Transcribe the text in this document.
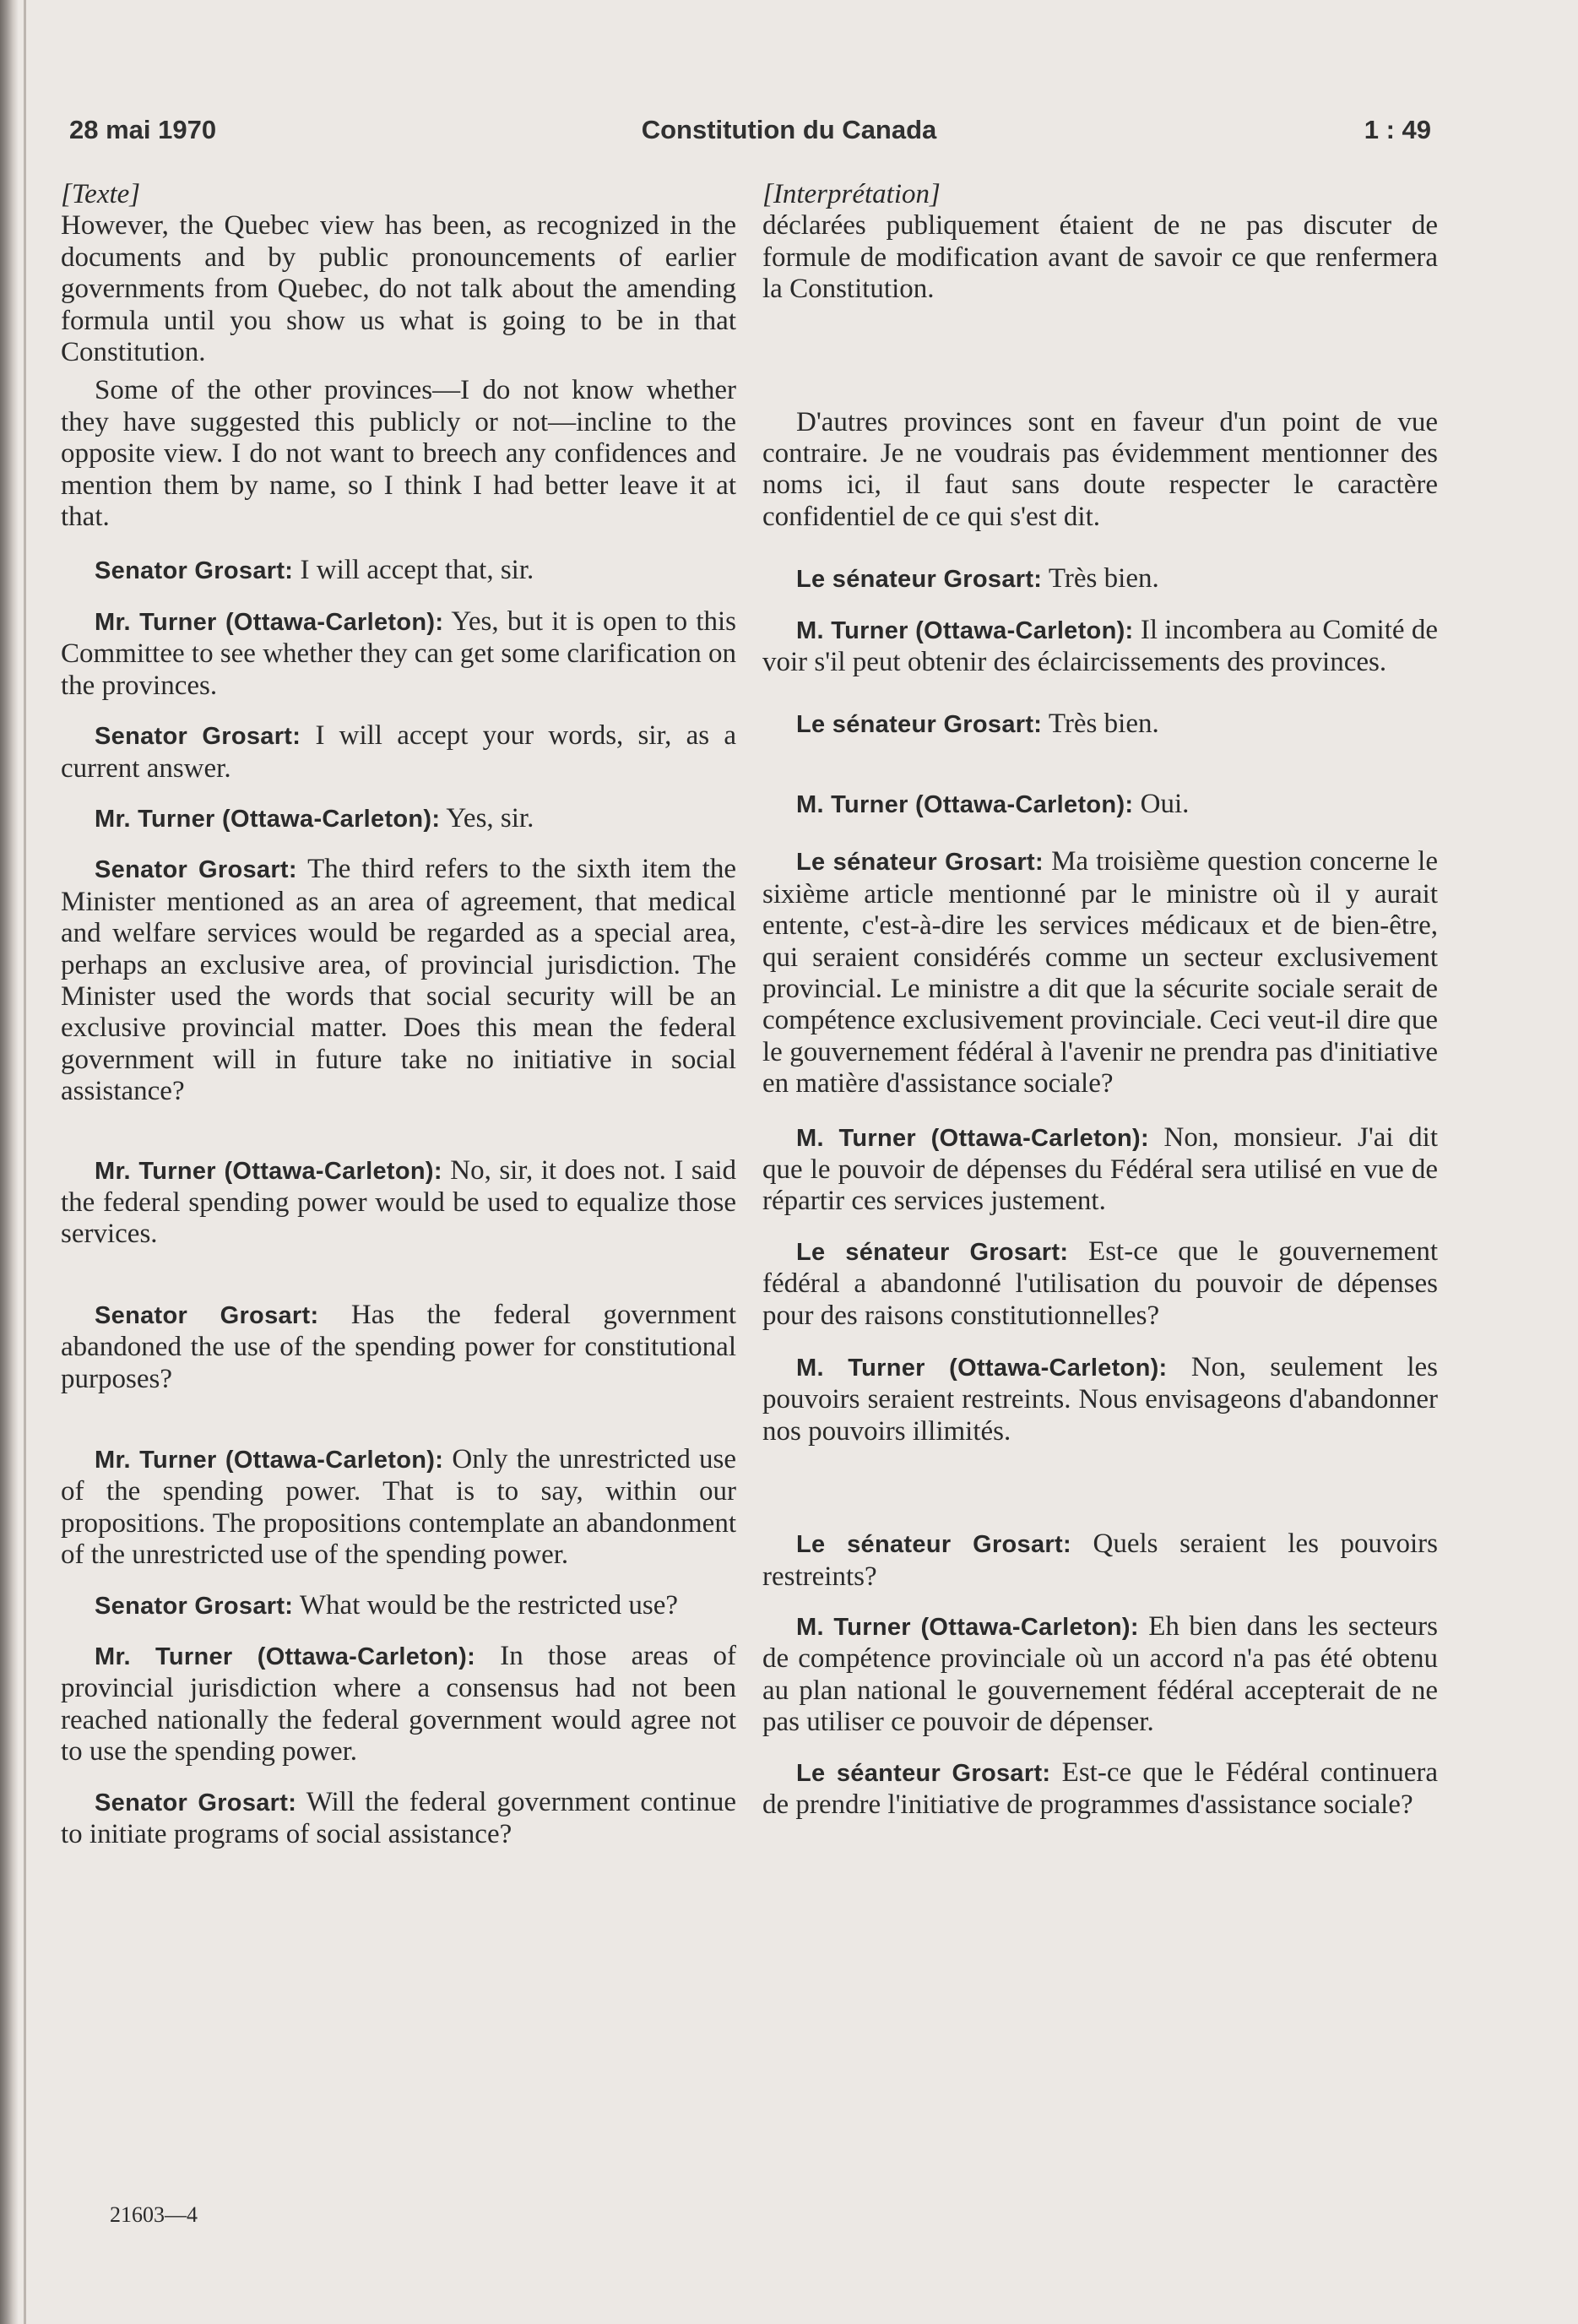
28 mai 1970	Constitution du Canada	1 : 49

[Texte]

However, the Quebec view has been, as recognized in the documents and by public pronouncements of earlier governments from Quebec, do not talk about the amending formula until you show us what is going to be in that Constitution.

Some of the other provinces—I do not know whether they have suggested this publicly or not—incline to the opposite view. I do not want to breech any confidences and mention them by name, so I think I had better leave it at that.

Senator Grosart: I will accept that, sir.

Mr. Turner (Ottawa-Carleton): Yes, but it is open to this Committee to see whether they can get some clarification on the provinces.

Senator Grosart: I will accept your words, sir, as a current answer.

Mr. Turner (Ottawa-Carleton): Yes, sir.

Senator Grosart: The third refers to the sixth item the Minister mentioned as an area of agreement, that medical and welfare services would be regarded as a special area, perhaps an exclusive area, of provincial jurisdiction. The Minister used the words that social security will be an exclusive provincial matter. Does this mean the federal government will in future take no initiative in social assistance?

Mr. Turner (Ottawa-Carleton): No, sir, it does not. I said the federal spending power would be used to equalize those services.

Senator Grosart: Has the federal government abandoned the use of the spending power for constitutional purposes?

Mr. Turner (Ottawa-Carleton): Only the unrestricted use of the spending power. That is to say, within our propositions. The propositions contemplate an abandonment of the unrestricted use of the spending power.

Senator Grosart: What would be the restricted use?

Mr. Turner (Ottawa-Carleton): In those areas of provincial jurisdiction where a consensus had not been reached nationally the federal government would agree not to use the spending power.

Senator Grosart: Will the federal government continue to initiate programs of social assistance?

[Interprétation]

déclarées publiquement étaient de ne pas discuter de formule de modification avant de savoir ce que renfermera la Constitution.

D'autres provinces sont en faveur d'un point de vue contraire. Je ne voudrais pas évidemment mentionner des noms ici, il faut sans doute respecter le caractère confidentiel de ce qui s'est dit.

Le sénateur Grosart: Très bien.

M. Turner (Ottawa-Carleton): Il incombera au Comité de voir s'il peut obtenir des éclaircissements des provinces.

Le sénateur Grosart: Très bien.

M. Turner (Ottawa-Carleton): Oui.

Le sénateur Grosart: Ma troisième question concerne le sixième article mentionné par le ministre où il y aurait entente, c'est-à-dire les services médicaux et de bien-être, qui seraient considérés comme un secteur exclusivement provincial. Le ministre a dit que la sécurite sociale serait de compétence exclusivement provinciale. Ceci veut-il dire que le gouvernement fédéral à l'avenir ne prendra pas d'initiative en matière d'assistance sociale?

M. Turner (Ottawa-Carleton): Non, monsieur. J'ai dit que le pouvoir de dépenses du Fédéral sera utilisé en vue de répartir ces services justement.

Le sénateur Grosart: Est-ce que le gouvernement fédéral a abandonné l'utilisation du pouvoir de dépenses pour des raisons constitutionnelles?

M. Turner (Ottawa-Carleton): Non, seulement les pouvoirs seraient restreints. Nous envisageons d'abandonner nos pouvoirs illimités.

Le sénateur Grosart: Quels seraient les pouvoirs restreints?

M. Turner (Ottawa-Carleton): Eh bien dans les secteurs de compétence provinciale où un accord n'a pas été obtenu au plan national le gouvernement fédéral accepterait de ne pas utiliser ce pouvoir de dépenser.

Le séanteur Grosart: Est-ce que le Fédéral continuera de prendre l'initiative de programmes d'assistance sociale?

21603—4
